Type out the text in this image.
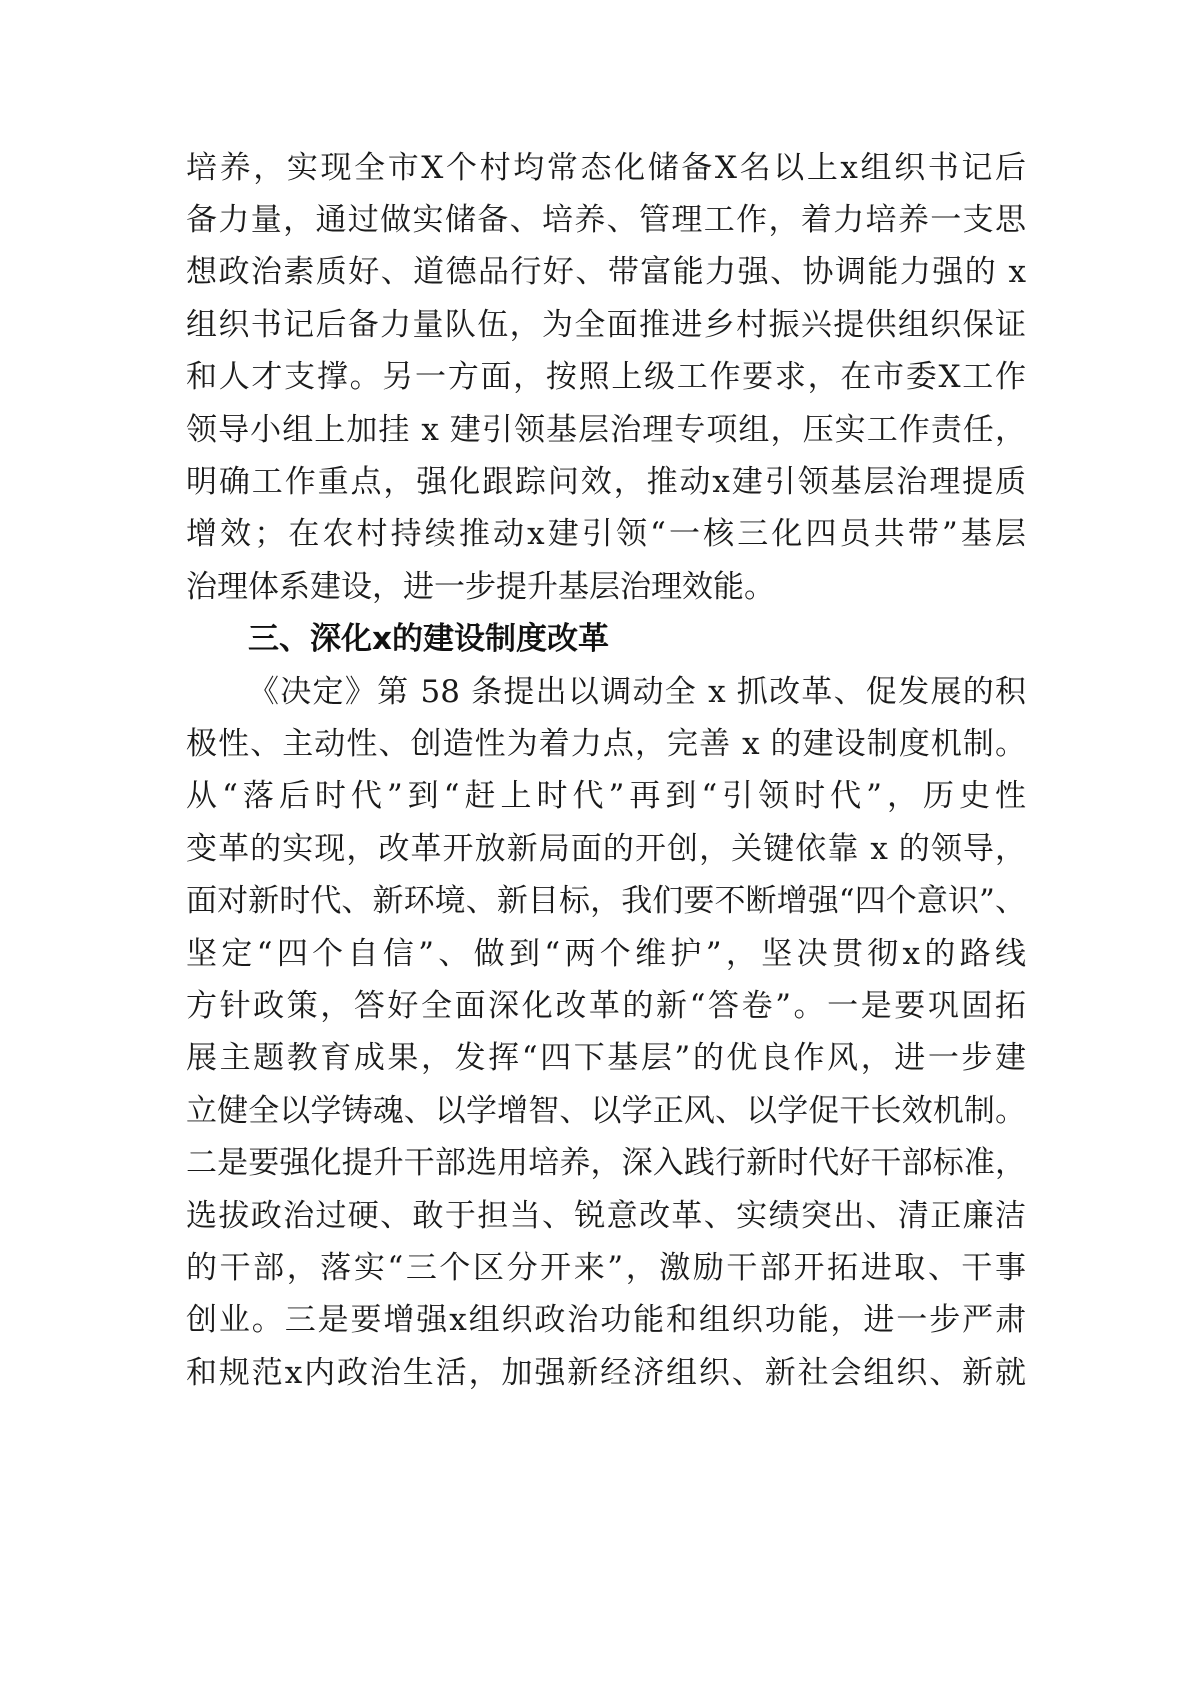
培养，实现全市X个村均常态化储备X名以上x组织书记后
备力量，通过做实储备、培养、管理工作，着力培养一支思
想政治素质好、道德品行好、带富能力强、协调能力强的 x
组织书记后备力量队伍，为全面推进乡村振兴提供组织保证
和人才支撑。另一方面，按照上级工作要求，在市委X工作
领导小组上加挂 x 建引领基层治理专项组，压实工作责任，
明确工作重点，强化跟踪问效，推动x建引领基层治理提质
增效；在农村持续推动x建引领“一核三化四员共带”基层
治理体系建设，进一步提升基层治理效能。
三、深化x的建设制度改革
《决定》第 58 条提出以调动全 x 抓改革、促发展的积
极性、主动性、创造性为着力点，完善 x 的建设制度机制。
从“落后时代”到“赶上时代”再到“引领时代”，历史性
变革的实现，改革开放新局面的开创，关键依靠 x 的领导，
面对新时代、新环境、新目标，我们要不断增强“四个意识”、
坚定“四个自信”、做到“两个维护”，坚决贯彻x的路线
方针政策，答好全面深化改革的新“答卷”。一是要巩固拓
展主题教育成果，发挥“四下基层”的优良作风，进一步建
立健全以学铸魂、以学增智、以学正风、以学促干长效机制。
二是要强化提升干部选用培养，深入践行新时代好干部标准，
选拔政治过硬、敢于担当、锐意改革、实绩突出、清正廉洁
的干部，落实“三个区分开来”，激励干部开拓进取、干事
创业。三是要增强x组织政治功能和组织功能，进一步严肃
和规范x内政治生活，加强新经济组织、新社会组织、新就
